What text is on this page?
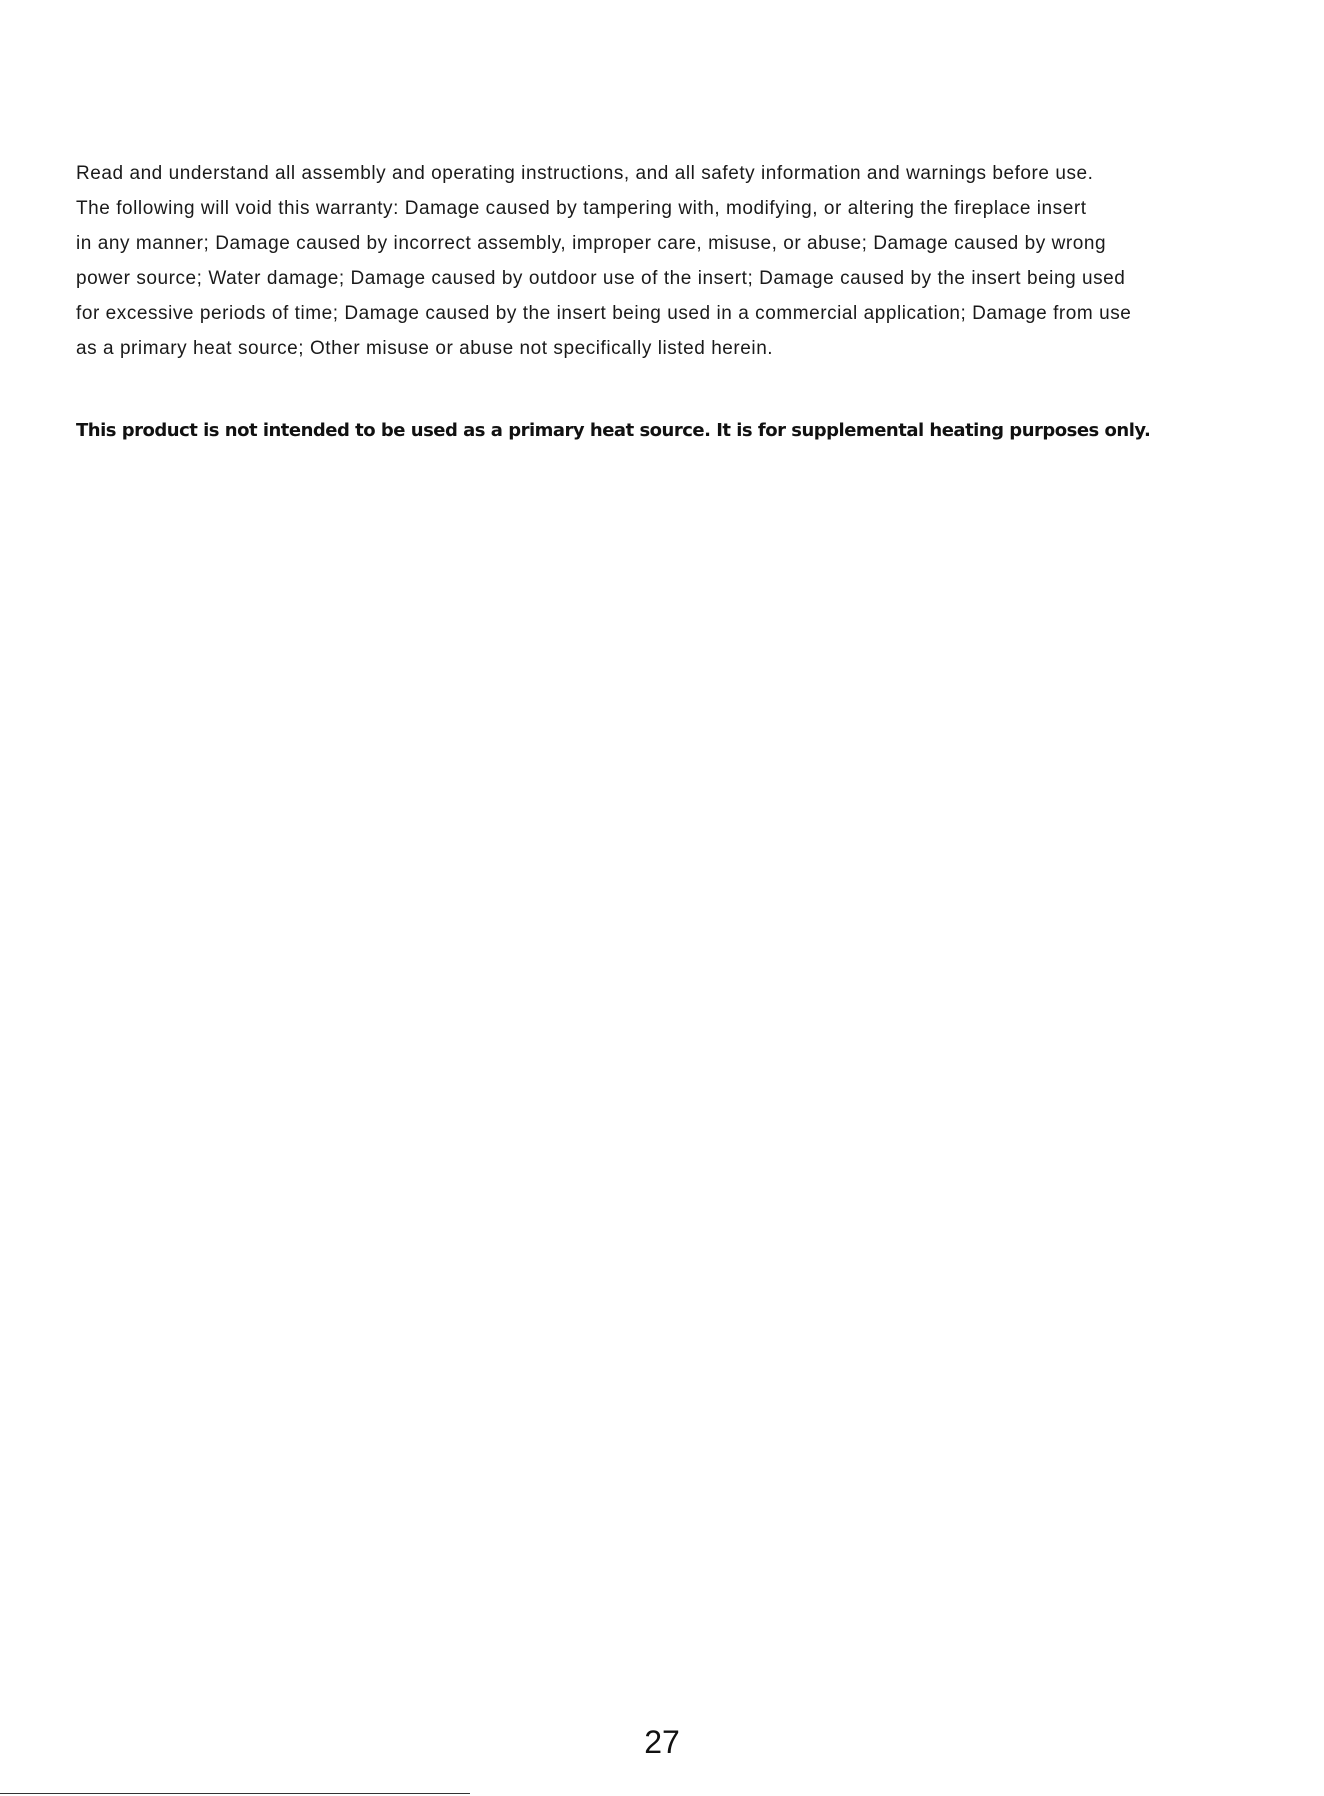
Read and understand all assembly and operating instructions, and all safety information and warnings before use.
The following will void this warranty: Damage caused by tampering with, modifying, or altering the fireplace insert
in any manner; Damage caused by incorrect assembly, improper care, misuse, or abuse; Damage caused by wrong
power source; Water damage; Damage caused by outdoor use of the insert; Damage caused by the insert being used
for excessive periods of time; Damage caused by the insert being used in a commercial application; Damage from use
as a primary heat source; Other misuse or abuse not specifically listed herein.

This product is not intended to be used as a primary heat source. It is for supplemental heating purposes only.

27
